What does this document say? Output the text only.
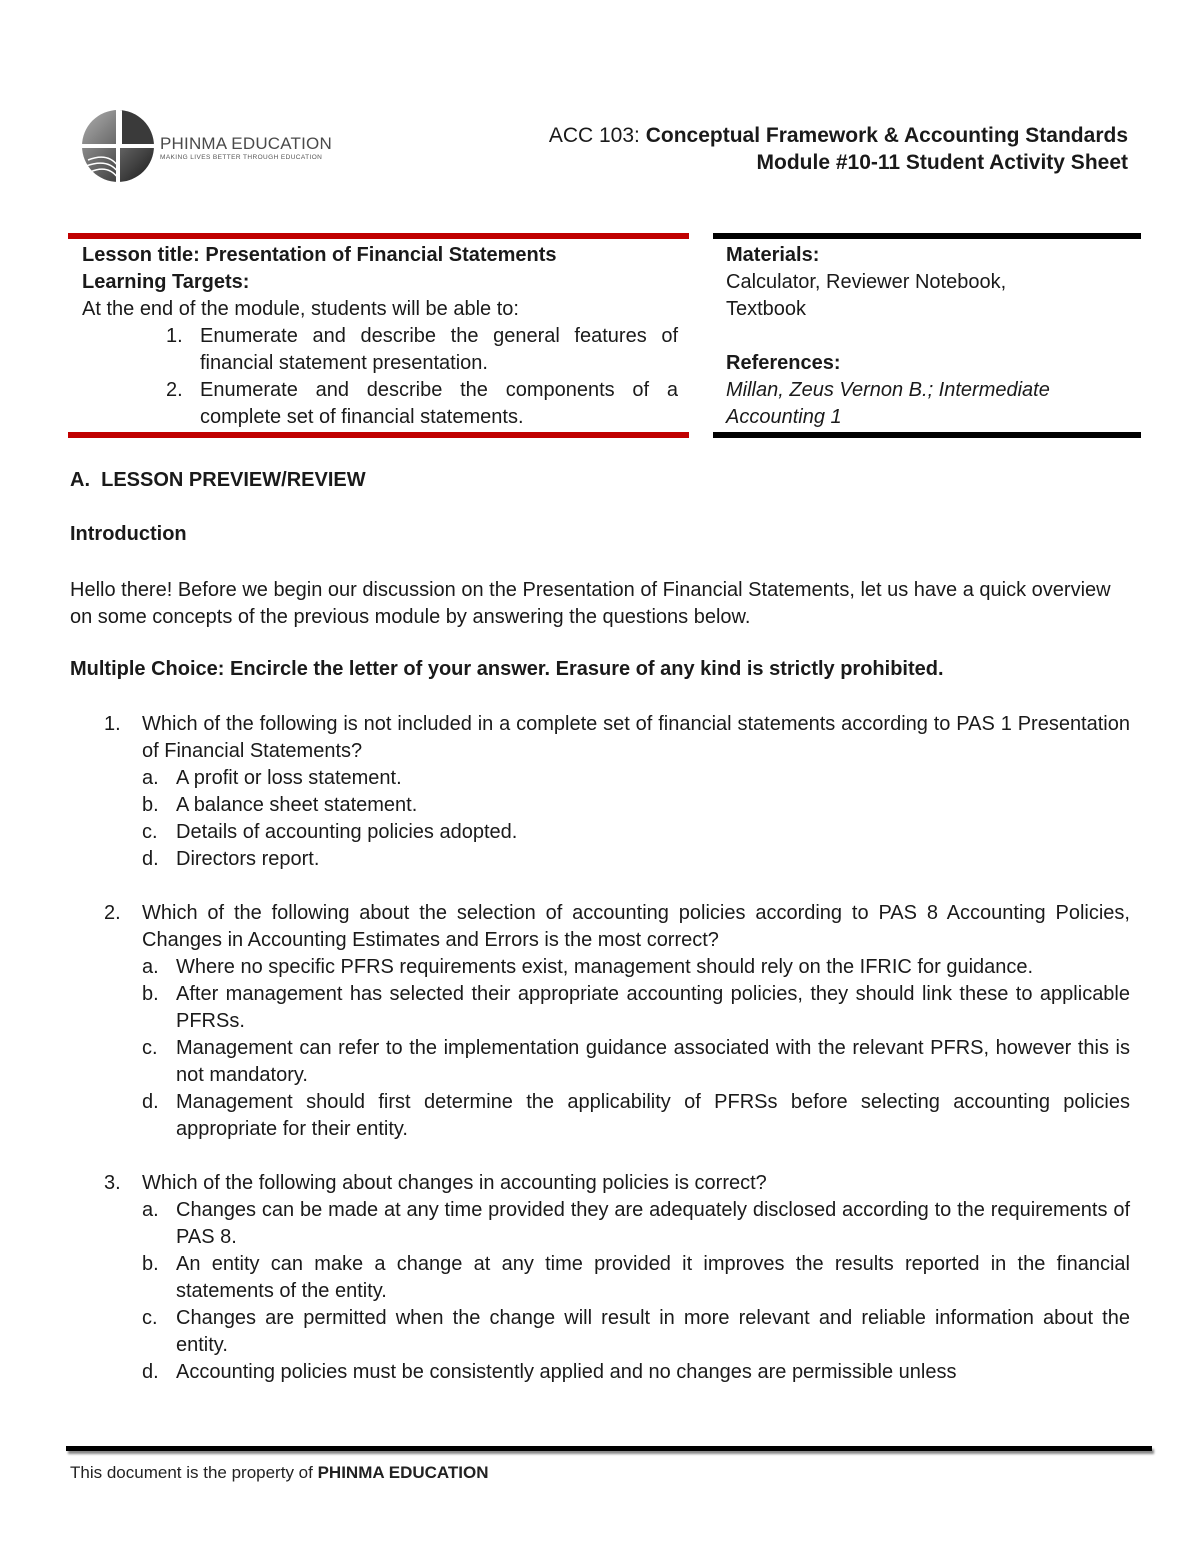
PHINMA EDUCATION
MAKING LIVES BETTER THROUGH EDUCATION
ACC 103: Conceptual Framework & Accounting Standards
Module #10-11 Student Activity Sheet
Lesson title: Presentation of Financial Statements
Learning Targets:
At the end of the module, students will be able to:
1. Enumerate and describe the general features of financial statement presentation.
2. Enumerate and describe the components of a complete set of financial statements.
Materials:
Calculator, Reviewer Notebook, Textbook
References:
Millan, Zeus Vernon B.; Intermediate Accounting 1
A.  LESSON PREVIEW/REVIEW
Introduction
Hello there! Before we begin our discussion on the Presentation of Financial Statements, let us have a quick overview on some concepts of the previous module by answering the questions below.
Multiple Choice: Encircle the letter of your answer. Erasure of any kind is strictly prohibited.
1. Which of the following is not included in a complete set of financial statements according to PAS 1 Presentation of Financial Statements?
a. A profit or loss statement.
b. A balance sheet statement.
c. Details of accounting policies adopted.
d. Directors report.
2. Which of the following about the selection of accounting policies according to PAS 8 Accounting Policies, Changes in Accounting Estimates and Errors is the most correct?
a. Where no specific PFRS requirements exist, management should rely on the IFRIC for guidance.
b. After management has selected their appropriate accounting policies, they should link these to applicable PFRSs.
c. Management can refer to the implementation guidance associated with the relevant PFRS, however this is not mandatory.
d. Management should first determine the applicability of PFRSs before selecting accounting policies appropriate for their entity.
3. Which of the following about changes in accounting policies is correct?
a. Changes can be made at any time provided they are adequately disclosed according to the requirements of PAS 8.
b. An entity can make a change at any time provided it improves the results reported in the financial statements of the entity.
c. Changes are permitted when the change will result in more relevant and reliable information about the entity.
d. Accounting policies must be consistently applied and no changes are permissible unless
This document is the property of PHINMA EDUCATION
